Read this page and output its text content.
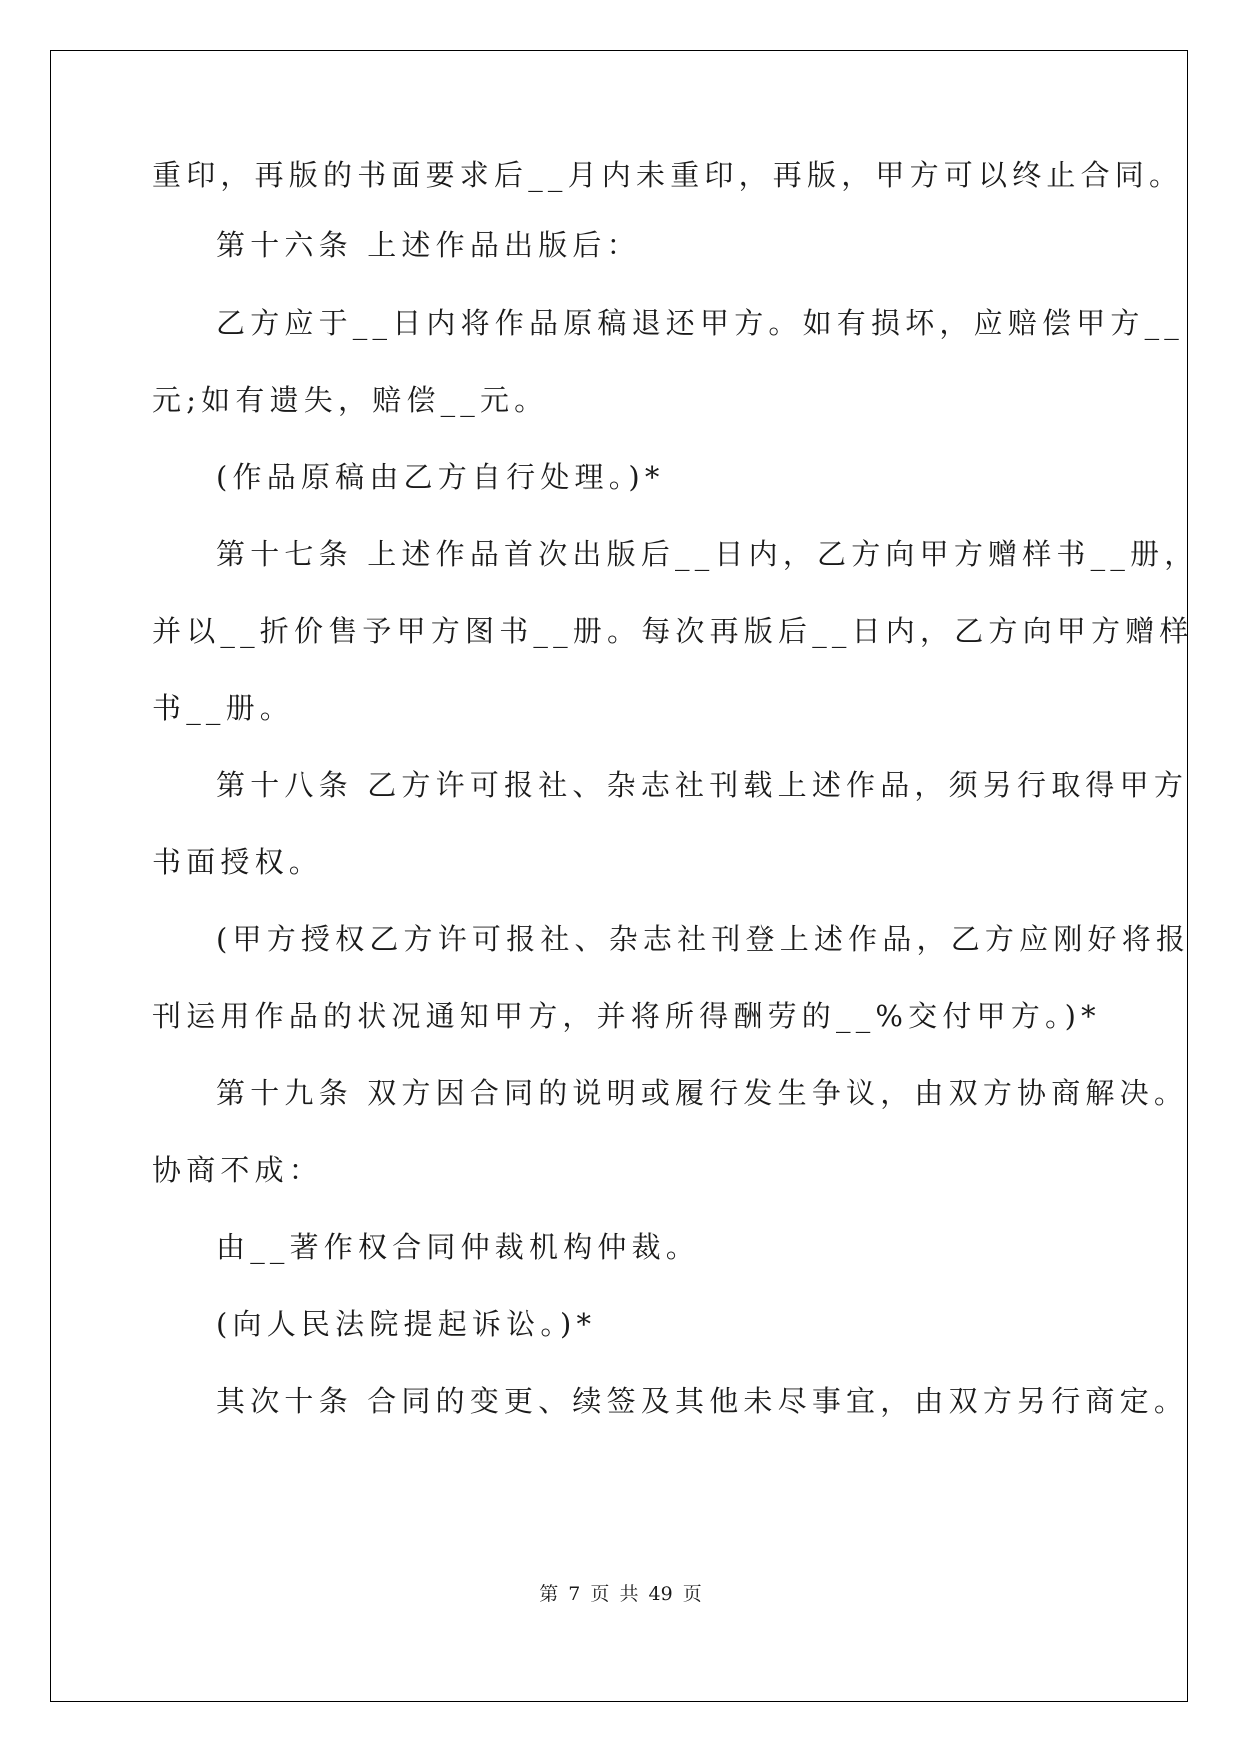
重印，再版的书面要求后__月内未重印，再版，甲方可以终止合同。

第十六条 上述作品出版后：

乙方应于__日内将作品原稿退还甲方。如有损坏，应赔偿甲方__

元;如有遗失，赔偿__元。

(作品原稿由乙方自行处理。)*

第十七条 上述作品首次出版后__日内，乙方向甲方赠样书__册，

并以__折价售予甲方图书__册。每次再版后__日内，乙方向甲方赠样

书__册。

第十八条 乙方许可报社、杂志社刊载上述作品，须另行取得甲方

书面授权。

(甲方授权乙方许可报社、杂志社刊登上述作品，乙方应刚好将报

刊运用作品的状况通知甲方，并将所得酬劳的__%交付甲方。)*

第十九条 双方因合同的说明或履行发生争议，由双方协商解决。

协商不成：

由__著作权合同仲裁机构仲裁。

(向人民法院提起诉讼。)*

其次十条 合同的变更、续签及其他未尽事宜，由双方另行商定。

第 7 页 共 49 页
